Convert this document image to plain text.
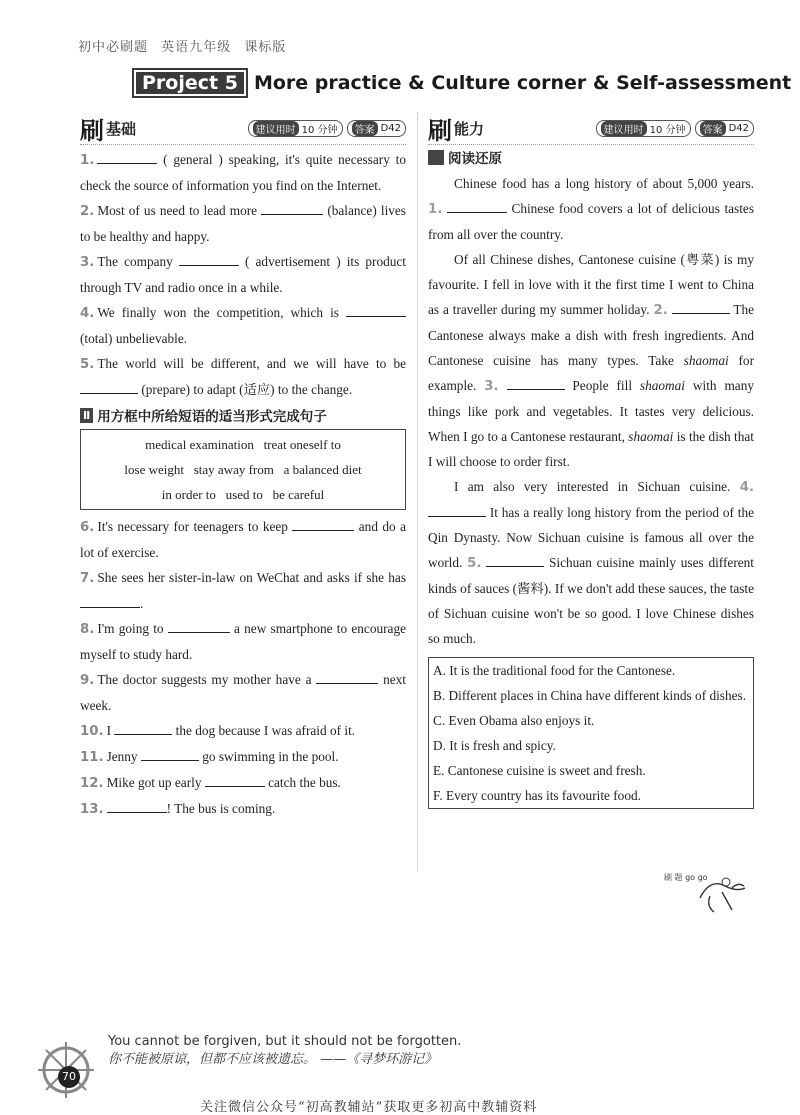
初中必刷题 英语九年级 课标版
Project 5 More practice & Culture corner & Self-assessment
刷 基础	建议用时 10 分钟	答案 D42
1.	( general ) speaking, it's quite necessary to check the source of information you find on the Internet.
2. Most of us need to lead more	(balance) lives to be healthy and happy.
3. The company	( advertisement ) its product through TV and radio once in a while.
4. We finally won the competition, which is  (total) unbelievable.
5. The world will be different, and we will have to be  (prepare) to adapt (适应) to the change.
Ⅱ 用方框中所给短语的适当形式完成句子
medical examination   treat oneself to
lose weight   stay away from   a balanced diet
in order to   used to   be careful
6. It's necessary for teenagers to keep	and do a lot of exercise.
7. She sees her sister-in-law on WeChat and asks if she has .
8. I'm going to	a new smartphone to encourage myself to study hard.
9. The doctor suggests my mother have a	next week.
10. I	the dog because I was afraid of it.
11. Jenny	go swimming in the pool.
12. Mike got up early	catch the bus.
13.	! The bus is coming.
刷 能力	建议用时 10 分钟	答案 D42

阅读还原

Chinese food has a long history of about 5,000 years. 1.	Chinese food covers a lot of delicious tastes from all over the country.

Of all Chinese dishes, Cantonese cuisine (粤菜) is my favourite. I fell in love with it the first time I went to China as a traveller during my summer holiday. 2.	The Cantonese always make a dish with fresh ingredients. And Cantonese cuisine has many types. Take shaomai for example. 3.	People fill shaomai with many things like pork and vegetables. It tastes very delicious. When I go to a Cantonese restaurant, shaomai is the dish that I will choose to order first.

I am also very interested in Sichuan cuisine. 4.  It has a really long history from the period of the Qin Dynasty. Now Sichuan cuisine is famous all over the world. 5.	Sichuan cuisine mainly uses different kinds of sauces (酱料). If we don't add these sauces, the taste of Sichuan cuisine won't be so good. I love Chinese dishes so much.

A. It is the traditional food for the Cantonese.
B. Different places in China have different kinds of dishes.
C. Even Obama also enjoys it.
D. It is fresh and spicy.
E. Cantonese cuisine is sweet and fresh.
F. Every country has its favourite food.
刷 题 go go
70
You cannot be forgiven, but it should not be forgotten.
你不能被原谅，但都不应该被遗忘。 ——《寻梦环游记》
关注微信公众号“初高教辅站”获取更多初高中教辅资料
